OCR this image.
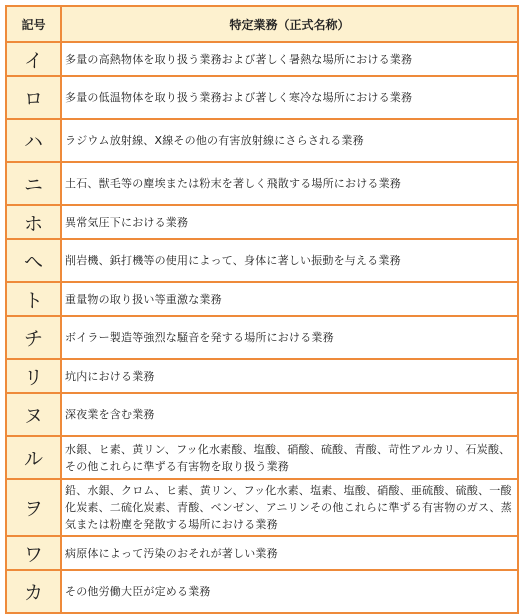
記号	特定業務（正式名称）
イ	多量の高熱物体を取り扱う業務および著しく暑熱な場所における業務
ロ	多量の低温物体を取り扱う業務および著しく寒冷な場所における業務
ハ	ラジウム放射線、X線その他の有害放射線にさらされる業務
ニ	土石、獣毛等の塵埃または粉末を著しく飛散する場所における業務
ホ	異常気圧下における業務
へ	削岩機、鋲打機等の使用によって、身体に著しい振動を与える業務
ト	重量物の取り扱い等重激な業務
チ	ボイラー製造等強烈な騒音を発する場所における業務
リ	坑内における業務
ヌ	深夜業を含む業務
ル	水銀、ヒ素、黄リン、フッ化水素酸、塩酸、硝酸、硫酸、青酸、苛性アルカリ、石炭酸、その他これらに準ずる有害物を取り扱う業務
ヲ	鉛、水銀、クロム、ヒ素、黄リン、フッ化水素、塩素、塩酸、硝酸、亜硫酸、硫酸、一酸化炭素、二硫化炭素、青酸、ベンゼン、アニリンその他これらに準ずる有害物のガス、蒸気または粉塵を発散する場所における業務
ワ	病原体によって汚染のおそれが著しい業務
カ	その他労働大臣が定める業務
